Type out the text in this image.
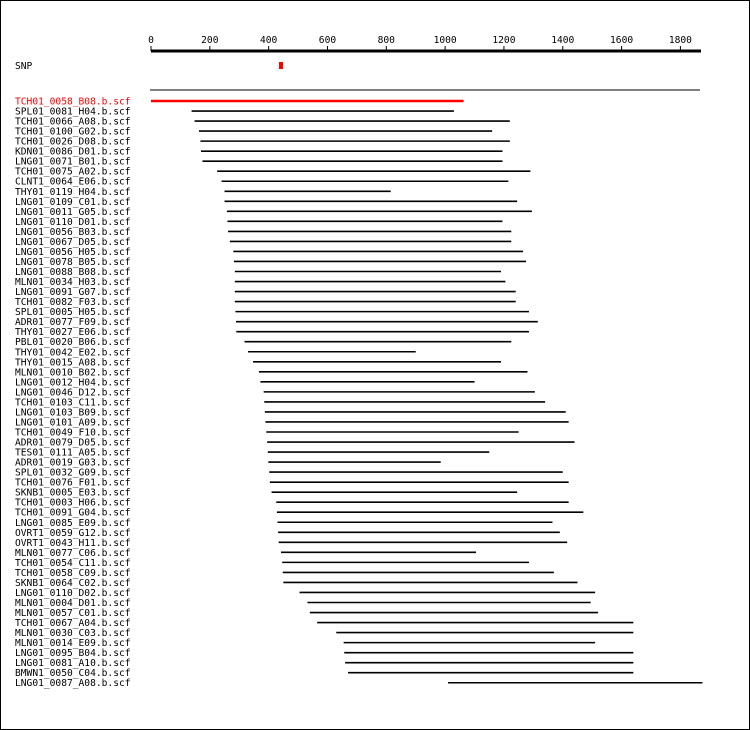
0	200	400	600	800	1000	1200	1400	1600	1800
SNP
TCH01_0058_B08.b.scf
SPL01_0081_H04.b.scf
TCH01_0066_A08.b.scf
TCH01_0100_G02.b.scf
TCH01_0026_D08.b.scf
KDN01_0086_D01.b.scf
LNG01_0071_B01.b.scf
TCH01_0075_A02.b.scf
CLNT1_0064_E06.b.scf
THY01_0119_H04.b.scf
LNG01_0109_C01.b.scf
LNG01_0011_G05.b.scf
LNG01_0110_D01.b.scf
LNG01_0056_B03.b.scf
LNG01_0067_D05.b.scf
LNG01_0056_H05.b.scf
LNG01_0078_B05.b.scf
LNG01_0088_B08.b.scf
MLN01_0034_H03.b.scf
LNG01_0091_G07.b.scf
TCH01_0082_F03.b.scf
SPL01_0005_H05.b.scf
ADR01_0077_F09.b.scf
THY01_0027_E06.b.scf
PBL01_0020_B06.b.scf
THY01_0042_E02.b.scf
THY01_0015_A08.b.scf
MLN01_0010_B02.b.scf
LNG01_0012_H04.b.scf
LNG01_0046_D12.b.scf
TCH01_0103_C11.b.scf
LNG01_0103_B09.b.scf
LNG01_0101_A09.b.scf
TCH01_0049_F10.b.scf
ADR01_0079_D05.b.scf
TES01_0111_A05.b.scf
ADR01_0019_G03.b.scf
SPL01_0032_G09.b.scf
TCH01_0076_F01.b.scf
SKNB1_0005_E03.b.scf
TCH01_0003_H06.b.scf
TCH01_0091_G04.b.scf
LNG01_0085_E09.b.scf
OVRT1_0059_G12.b.scf
OVRT1_0043_H11.b.scf
MLN01_0077_C06.b.scf
TCH01_0054_C11.b.scf
TCH01_0058_C09.b.scf
SKNB1_0064_C02.b.scf
LNG01_0110_D02.b.scf
MLN01_0004_D01.b.scf
MLN01_0057_C01.b.scf
TCH01_0067_A04.b.scf
MLN01_0030_C03.b.scf
MLN01_0014_E09.b.scf
LNG01_0095_B04.b.scf
LNG01_0081_A10.b.scf
BMWN1_0050_C04.b.scf
LNG01_0087_A08.b.scf
